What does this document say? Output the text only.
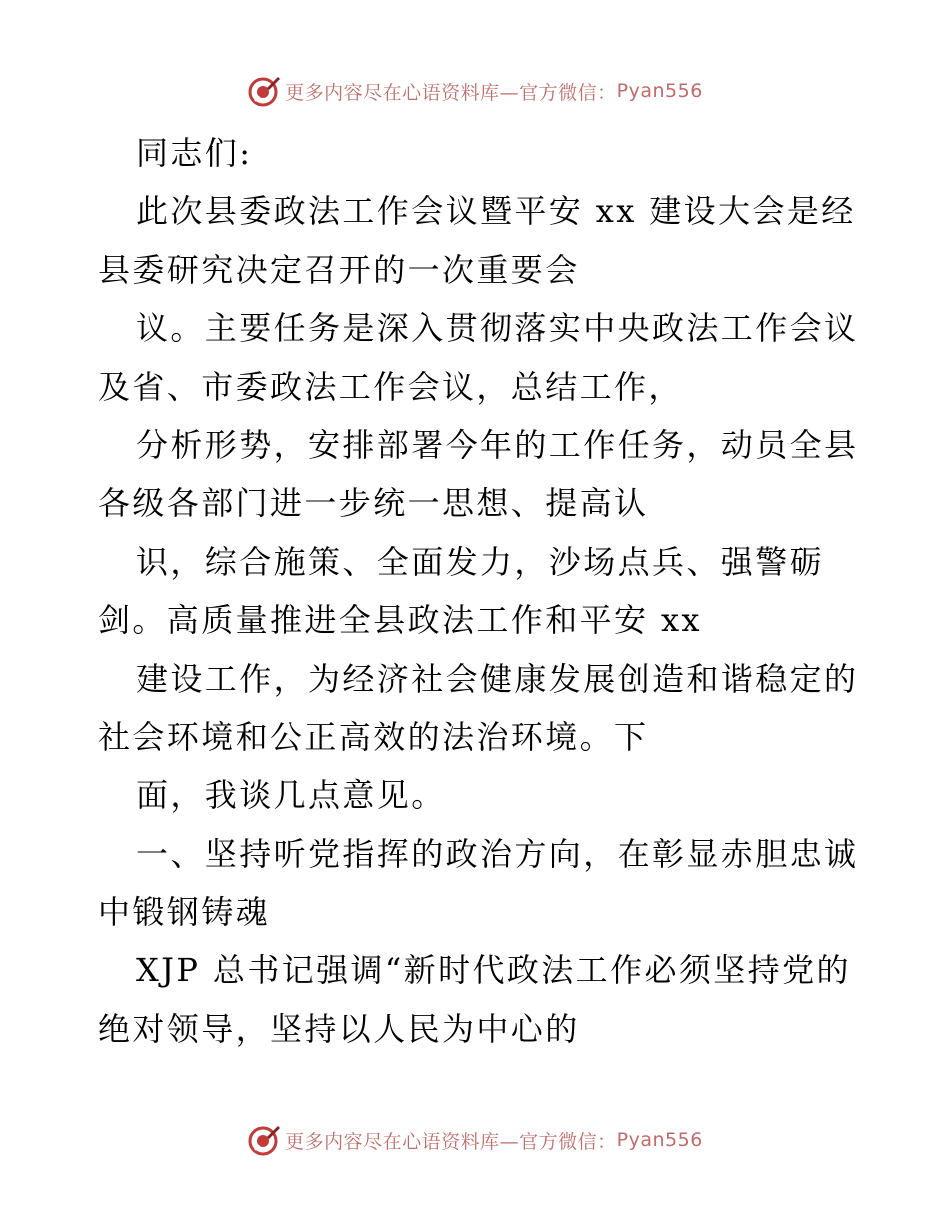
更多内容尽在心语资料库—官方微信： Pyan556
同志们:
此次县委政法工作会议暨平安 xx 建设大会是经
县委研究决定召开的一次重要会
议。主要任务是深入贯彻落实中央政法工作会议
及省、市委政法工作会议，总结工作，
分析形势，安排部署今年的工作任务，动员全县
各级各部门进一步统一思想、提高认
识，综合施策、全面发力，沙场点兵、强警砺
剑。高质量推进全县政法工作和平安 xx
建设工作，为经济社会健康发展创造和谐稳定的
社会环境和公正高效的法治环境。下
面，我谈几点意见。
一、坚持听党指挥的政治方向，在彰显赤胆忠诚
中锻钢铸魂
XJP 总书记强调“新时代政法工作必须坚持党的
绝对领导，坚持以人民为中心的
更多内容尽在心语资料库—官方微信： Pyan556
